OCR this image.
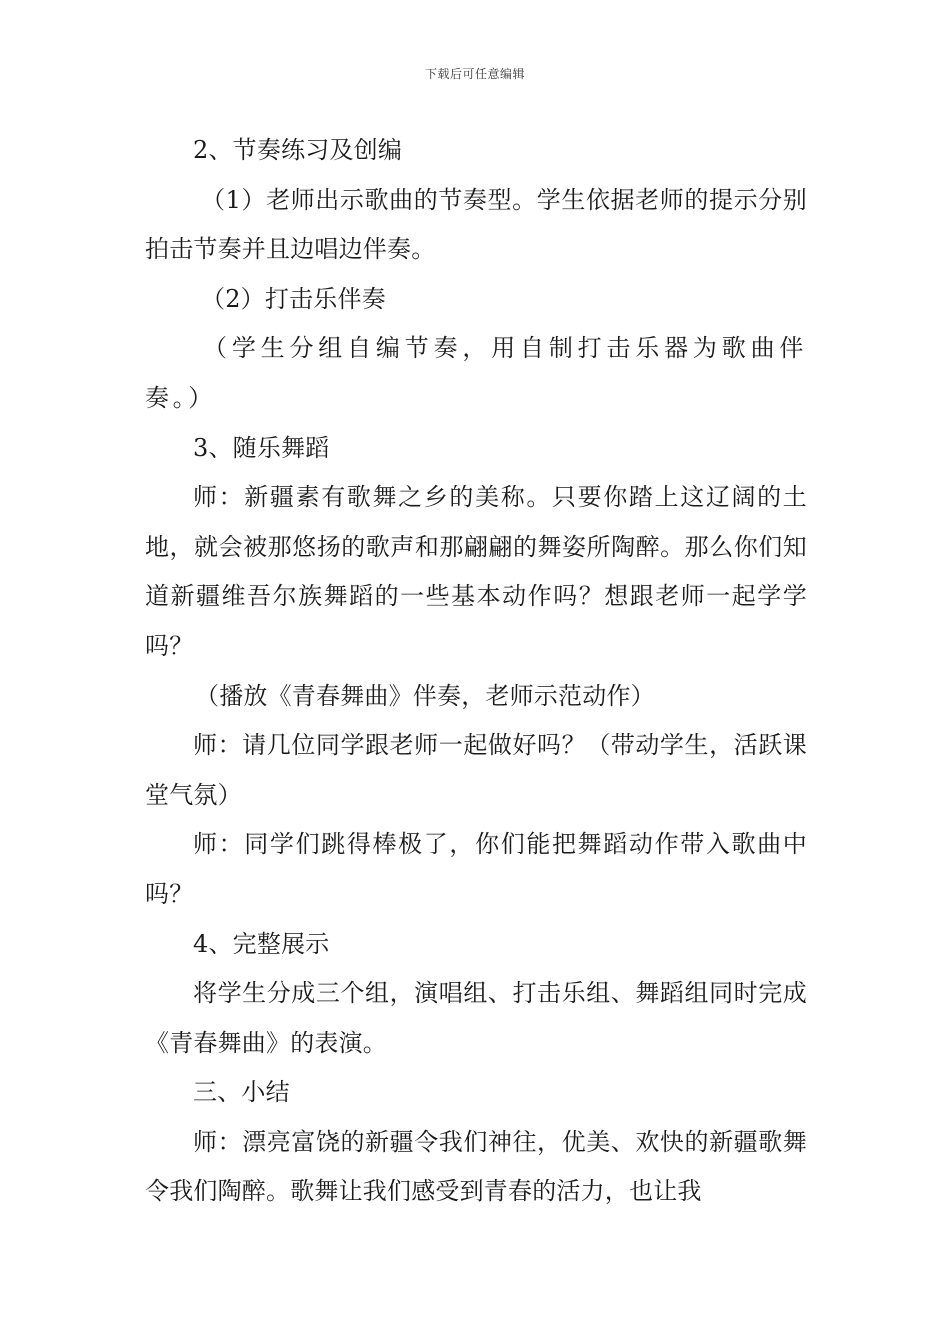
下载后可任意编辑

2、节奏练习及创编

（1）老师出示歌曲的节奏型。学生依据老师的提示分别拍击节奏并且边唱边伴奏。

（2）打击乐伴奏

（学生分组自编节奏，用自制打击乐器为歌曲伴奏。）

3、随乐舞蹈

师：新疆素有歌舞之乡的美称。只要你踏上这辽阔的土地，就会被那悠扬的歌声和那翩翩的舞姿所陶醉。那么你们知道新疆维吾尔族舞蹈的一些基本动作吗？想跟老师一起学学吗？

（播放《青春舞曲》伴奏，老师示范动作）

师：请几位同学跟老师一起做好吗？（带动学生，活跃课堂气氛）

师：同学们跳得棒极了，你们能把舞蹈动作带入歌曲中吗？

4、完整展示

将学生分成三个组，演唱组、打击乐组、舞蹈组同时完成《青春舞曲》的表演。

三、小结

师：漂亮富饶的新疆令我们神往，优美、欢快的新疆歌舞令我们陶醉。歌舞让我们感受到青春的活力，也让我
